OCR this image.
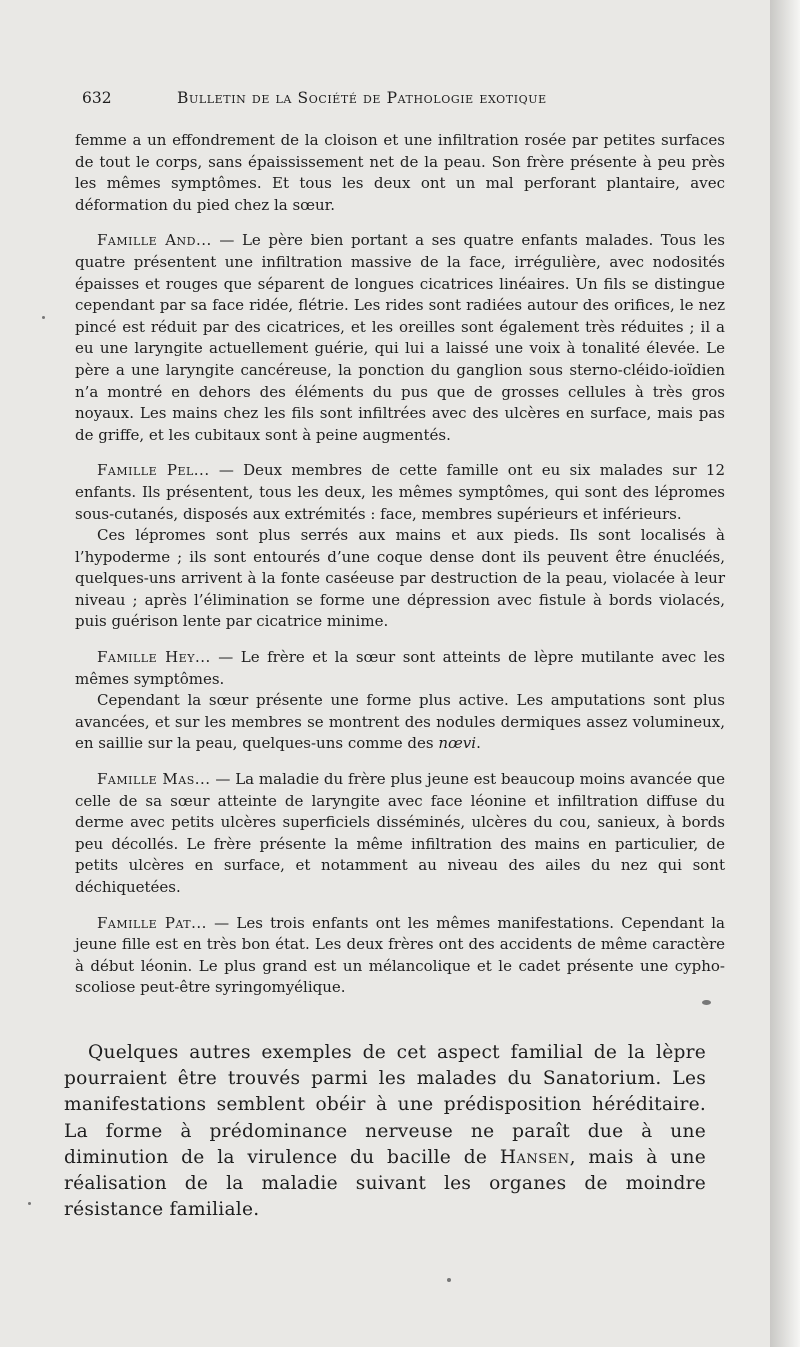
632	Bulletin de la Société de Pathologie exotique

femme a un effondrement de la cloison et une infiltration rosée par petites surfaces de tout le corps, sans épaississement net de la peau. Son frère présente à peu près les mêmes symptômes. Et tous les deux ont un mal perforant plantaire, avec déformation du pied chez la sœur.

Famille And... — Le père bien portant a ses quatre enfants malades. Tous les quatre présentent une infiltration massive de la face, irrégulière, avec nodosités épaisses et rouges que séparent de longues cicatrices linéaires. Un fils se distingue cependant par sa face ridée, flétrie. Les rides sont radiées autour des orifices, le nez pincé est réduit par des cicatrices, et les oreilles sont également très réduites ; il a eu une laryngite actuellement guérie, qui lui a laissé une voix à tonalité élevée. Le père a une laryngite cancéreuse, la ponction du ganglion sous sterno-cléido-ioïdien n’a montré en dehors des éléments du pus que de grosses cellules à très gros noyaux. Les mains chez les fils sont infiltrées avec des ulcères en surface, mais pas de griffe, et les cubitaux sont à peine augmentés.

Famille Pel... — Deux membres de cette famille ont eu six malades sur 12 enfants. Ils présentent, tous les deux, les mêmes symptômes, qui sont des lépromes sous-cutanés, disposés aux extrémités : face, membres supérieurs et inférieurs.

Ces lépromes sont plus serrés aux mains et aux pieds. Ils sont localisés à l’hypoderme ; ils sont entourés d’une coque dense dont ils peuvent être énucléés, quelques-uns arrivent à la fonte caséeuse par destruction de la peau, violacée à leur niveau ; après l’élimination se forme une dépression avec fistule à bords violacés, puis guérison lente par cicatrice minime.

Famille Hey... — Le frère et la sœur sont atteints de lèpre mutilante avec les mêmes symptômes.

Cependant la sœur présente une forme plus active. Les amputations sont plus avancées, et sur les membres se montrent des nodules dermiques assez volumineux, en saillie sur la peau, quelques-uns comme des nœvi.

Famille Mas... — La maladie du frère plus jeune est beaucoup moins avancée que celle de sa sœur atteinte de laryngite avec face léonine et infiltration diffuse du derme avec petits ulcères superficiels disséminés, ulcères du cou, sanieux, à bords peu décollés. Le frère présente la même infiltration des mains en particulier, de petits ulcères en surface, et notamment au niveau des ailes du nez qui sont déchiquetées.

Famille Pat... — Les trois enfants ont les mêmes manifestations. Cependant la jeune fille est en très bon état. Les deux frères ont des accidents de même caractère à début léonin. Le plus grand est un mélancolique et le cadet présente une cypho-scoliose peut-être syringomyélique.

Quelques autres exemples de cet aspect familial de la lèpre pourraient être trouvés parmi les malades du Sanatorium. Les manifestations semblent obéir à une prédisposition héréditaire. La forme à prédominance nerveuse ne paraît due à une diminution de la virulence du bacille de Hansen, mais à une réalisation de la maladie suivant les organes de moindre résistance familiale.
